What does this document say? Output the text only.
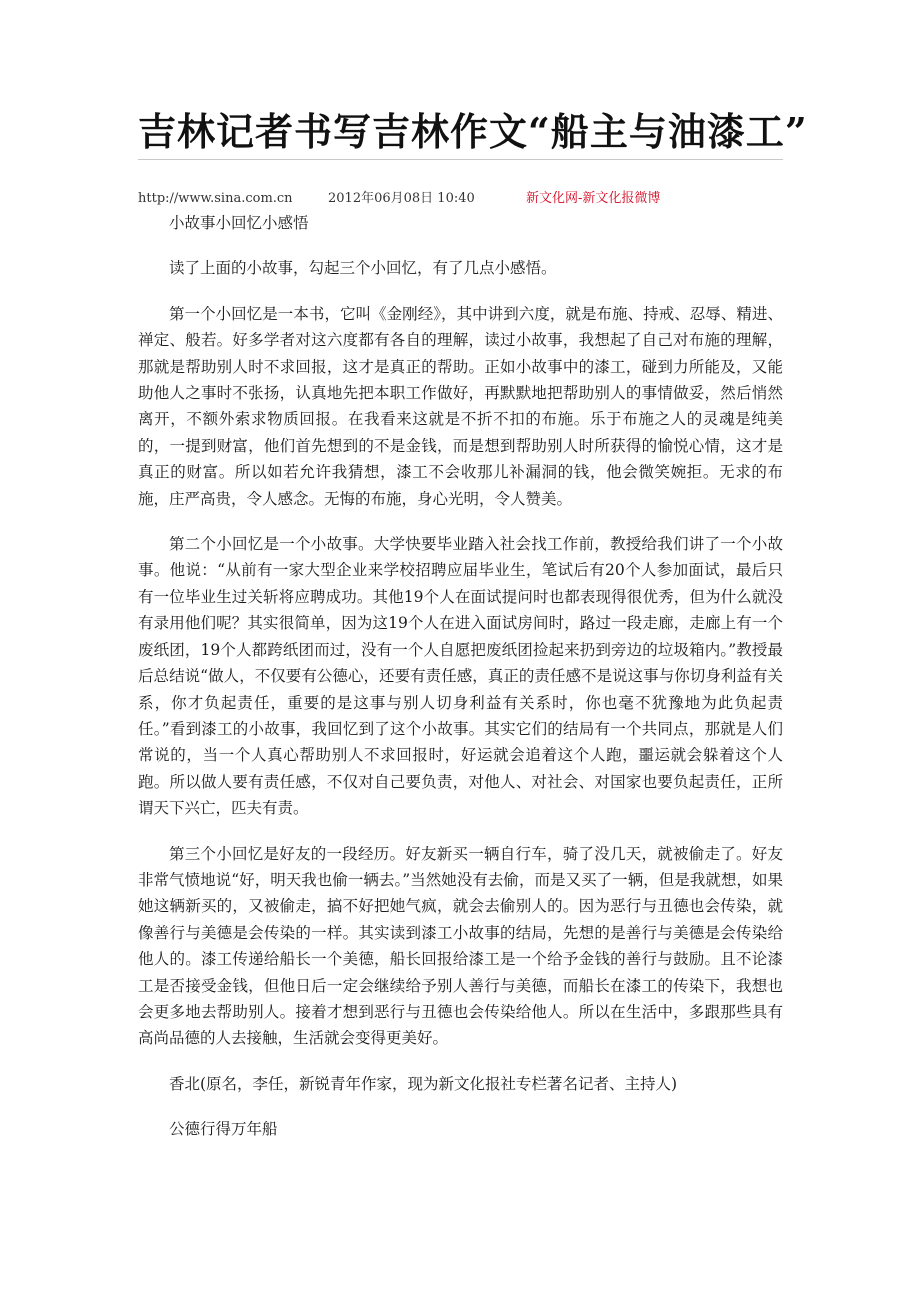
吉林记者书写吉林作文“船主与油漆工”
http://www.sina.com.cn	2012年06月08日 10:40	新文化网-新文化报微博

小故事小回忆小感悟

读了上面的小故事，勾起三个小回忆，有了几点小感悟。

第一个小回忆是一本书，它叫《金刚经》，其中讲到六度，就是布施、持戒、忍辱、精进、禅定、般若。好多学者对这六度都有各自的理解，读过小故事，我想起了自己对布施的理解，那就是帮助别人时不求回报，这才是真正的帮助。正如小故事中的漆工，碰到力所能及，又能助他人之事时不张扬，认真地先把本职工作做好，再默默地把帮助别人的事情做妥，然后悄然离开，不额外索求物质回报。在我看来这就是不折不扣的布施。乐于布施之人的灵魂是纯美的，一提到财富，他们首先想到的不是金钱，而是想到帮助别人时所获得的愉悦心情，这才是真正的财富。所以如若允许我猜想，漆工不会收那儿补漏洞的钱，他会微笑婉拒。无求的布施，庄严高贵，令人感念。无悔的布施，身心光明，令人赞美。

第二个小回忆是一个小故事。大学快要毕业踏入社会找工作前，教授给我们讲了一个小故事。他说：“从前有一家大型企业来学校招聘应届毕业生，笔试后有20个人参加面试，最后只有一位毕业生过关斩将应聘成功。其他19个人在面试提问时也都表现得很优秀，但为什么就没有录用他们呢？其实很简单，因为这19个人在进入面试房间时，路过一段走廊，走廊上有一个废纸团，19个人都跨纸团而过，没有一个人自愿把废纸团捡起来扔到旁边的垃圾箱内。”教授最后总结说“做人，不仅要有公德心，还要有责任感，真正的责任感不是说这事与你切身利益有关系，你才负起责任，重要的是这事与别人切身利益有关系时，你也毫不犹豫地为此负起责任。”看到漆工的小故事，我回忆到了这个小故事。其实它们的结局有一个共同点，那就是人们常说的，当一个人真心帮助别人不求回报时，好运就会追着这个人跑，噩运就会躲着这个人跑。所以做人要有责任感，不仅对自己要负责，对他人、对社会、对国家也要负起责任，正所谓天下兴亡，匹夫有责。

第三个小回忆是好友的一段经历。好友新买一辆自行车，骑了没几天，就被偷走了。好友非常气愤地说“好，明天我也偷一辆去。”当然她没有去偷，而是又买了一辆，但是我就想，如果她这辆新买的，又被偷走，搞不好把她气疯，就会去偷别人的。因为恶行与丑德也会传染，就像善行与美德是会传染的一样。其实读到漆工小故事的结局，先想的是善行与美德是会传染给他人的。漆工传递给船长一个美德，船长回报给漆工是一个给予金钱的善行与鼓励。且不论漆工是否接受金钱，但他日后一定会继续给予别人善行与美德，而船长在漆工的传染下，我想也会更多地去帮助别人。接着才想到恶行与丑德也会传染给他人。所以在生活中，多跟那些具有高尚品德的人去接触，生活就会变得更美好。

香北(原名，李任，新锐青年作家，现为新文化报社专栏著名记者、主持人)

公德行得万年船
